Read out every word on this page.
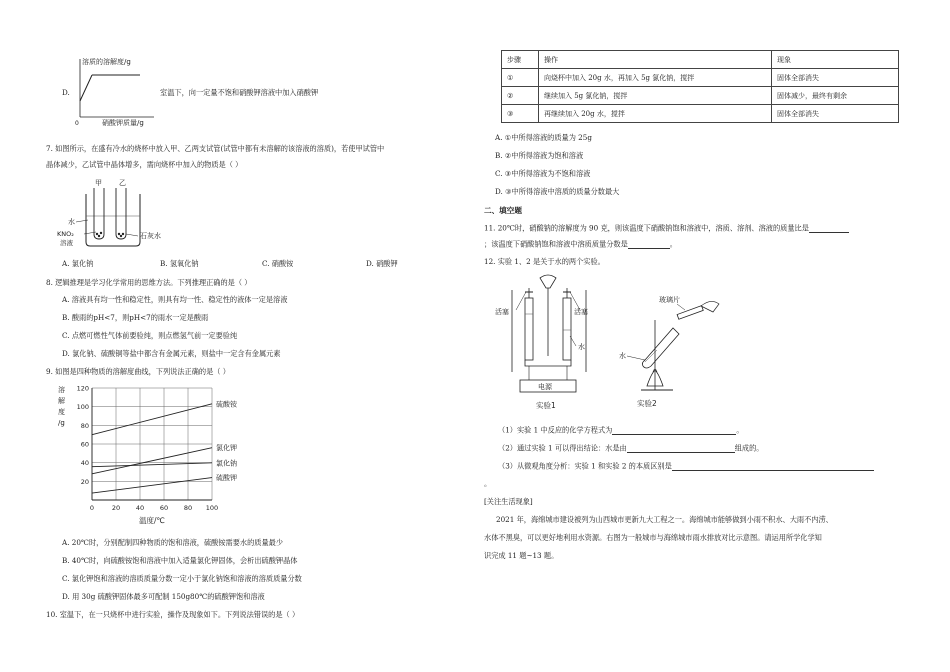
溶质的溶解度/g
0	硝酸钾质量/g
D.	室温下，向一定量不饱和硝酸钾溶液中加入硝酸钾
7. 如图所示，在盛有冷水的烧杯中放入甲、乙两支试管(试管中都有未溶解的该溶液的溶质)，若使甲试管中
晶体减少，乙试管中晶体增多，需向烧杯中加入的物质是（ ）
甲 乙
水
KNO₂
溶液
石灰水
A. 氯化钠	B. 氢氧化钠	C. 硝酸铵	D. 硝酸钾
8. 逻辑推理是学习化学常用的思维方法。下列推理正确的是（ ）
A. 溶液具有均一性和稳定性，则具有均一性、稳定性的液体一定是溶液
B. 酸雨的pH<7，则pH<7的雨水一定是酸雨
C. 点燃可燃性气体前要验纯，则点燃氢气前一定要验纯
D. 氯化钠、硫酸铜等盐中都含有金属元素，则盐中一定含有金属元素
9. 如图是四种物质的溶解度曲线，下列说法正确的是（ ）
0	20 40 60 80 100
20
40
60
80
100
120
溶
解
度
/g
温度/℃
硫酸铵
氯化钠
氯化钾
硫酸钾
A. 20℃时，分别配制四种物质的饱和溶液，硫酸铵需要水的质量最少
B. 40℃时，向硫酸铵饱和溶液中加入适量氯化钾固体，会析出硫酸钾晶体
C. 氯化钾饱和溶液的溶质质量分数一定小于氯化钠饱和溶液的溶质质量分数
D. 用 30g 硫酸钾固体最多可配制 150g80℃的硫酸钾饱和溶液
10. 室温下，在一只烧杯中进行实验，操作及现象如下。下列说法错误的是（ ）
步骤	操作	现象
①	向烧杯中加入 20g 水，再加入 5g 氯化钠，搅拌	固体全部消失
②	继续加入 5g 氯化钠，搅拌	固体减少，最终有剩余
③	再继续加入 20g 水，搅拌	固体全部消失
A. ①中所得溶液的质量为 25g
B. ②中所得溶液为饱和溶液
C. ③中所得溶液为不饱和溶液
D. ③中所得溶液中溶质的质量分数最大
二、填空题
11. 20℃时，硝酸钠的溶解度为 90 克，则该温度下硝酸钠饱和溶液中，溶质、溶剂、溶液的质量比是
；该温度下硝酸钠饱和溶液中溶质质量分数是	。
12. 实验 1、2 是关于水的两个实验。
电源
活塞	活塞
水
实验1
玻璃片
水
实验2
（1）实验 1 中反应的化学方程式为	。
（2）通过实验 1 可以得出结论：水是由	组成的。
（3）从微观角度分析：实验 1 和实验 2 的本质区别是
。
[关注生活现象]
2021 年，海绵城市建设被列为山西城市更新九大工程之一。海绵城市能够做到小雨不积水、大雨不内涝、
水体不黑臭，可以更好地利用水资源。右图为一般城市与海绵城市雨水排放对比示意图。请运用所学化学知
识完成 11 题~13 题。
